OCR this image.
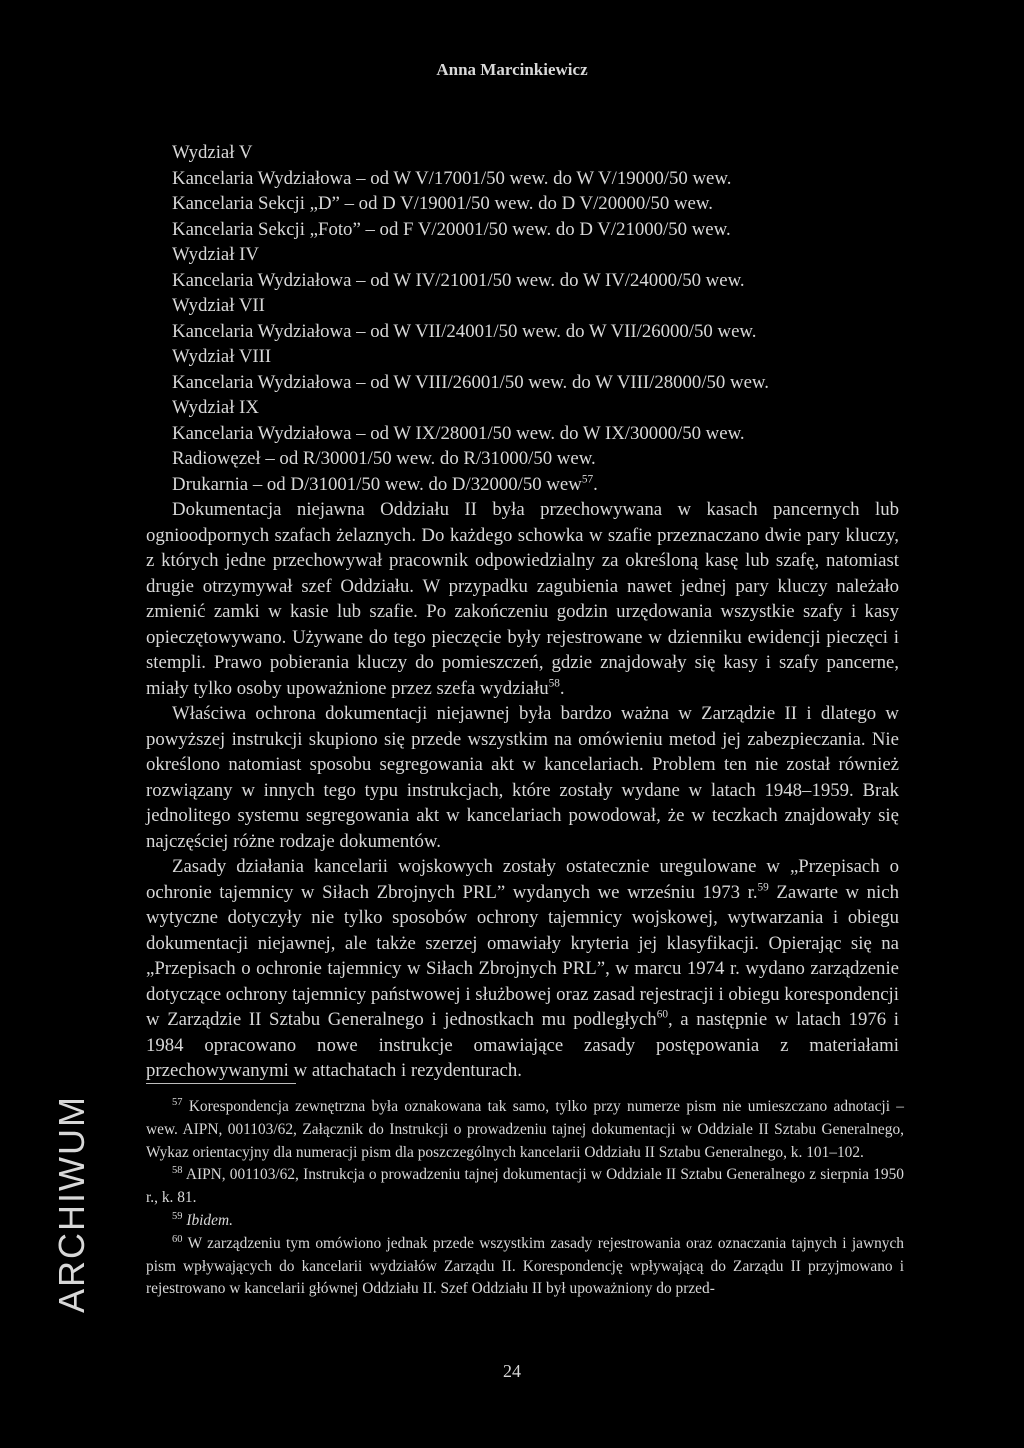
Anna Marcinkiewicz
Wydział V
Kancelaria Wydziałowa – od W V/17001/50 wew. do W V/19000/50 wew.
Kancelaria Sekcji „D” – od D V/19001/50 wew. do D V/20000/50 wew.
Kancelaria Sekcji „Foto” – od F V/20001/50 wew. do D V/21000/50 wew.
Wydział IV
Kancelaria Wydziałowa – od W IV/21001/50 wew. do W IV/24000/50 wew.
Wydział VII
Kancelaria Wydziałowa – od W VII/24001/50 wew. do W VII/26000/50 wew.
Wydział VIII
Kancelaria Wydziałowa – od W VIII/26001/50 wew. do W VIII/28000/50 wew.
Wydział IX
Kancelaria Wydziałowa – od W IX/28001/50 wew. do W IX/30000/50 wew.
Radiowęzeł – od R/30001/50 wew. do R/31000/50 wew.
Drukarnia – od D/31001/50 wew. do D/32000/50 wew$^{57}$.

Dokumentacja niejawna Oddziału II była przechowywana w kasach pancernych lub ognioodpornych szafach żelaznych. Do każdego schowka w szafie przeznaczano dwie pary kluczy, z których jedne przechowywał pracownik odpowiedzialny za określoną kasę lub szafę, natomiast drugie otrzymywał szef Oddziału. W przypadku zagubienia nawet jednej pary kluczy należało zmienić zamki w kasie lub szafie. Po zakończeniu godzin urzędowania wszystkie szafy i kasy opieczętowywano. Używane do tego pieczęcie były rejestrowane w dzienniku ewidencji pieczęci i stempli. Prawo pobierania kluczy do pomieszczeń, gdzie znajdowały się kasy i szafy pancerne, miały tylko osoby upoważnione przez szefa wydziału$^{58}$.

Właściwa ochrona dokumentacji niejawnej była bardzo ważna w Zarządzie II i dlatego w powyższej instrukcji skupiono się przede wszystkim na omówieniu metod jej zabezpieczania. Nie określono natomiast sposobu segregowania akt w kancelariach. Problem ten nie został również rozwiązany w innych tego typu instrukcjach, które zostały wydane w latach 1948–1959. Brak jednolitego systemu segregowania akt w kancelariach powodował, że w teczkach znajdowały się najczęściej różne rodzaje dokumentów.

Zasady działania kancelarii wojskowych zostały ostatecznie uregulowane w „Przepisach o ochronie tajemnicy w Siłach Zbrojnych PRL” wydanych we wrześniu 1973 r.$^{59}$ Zawarte w nich wytyczne dotyczyły nie tylko sposobów ochrony tajemnicy wojskowej, wytwarzania i obiegu dokumentacji niejawnej, ale także szerzej omawiały kryteria jej klasyfikacji. Opierając się na „Przepisach o ochronie tajemnicy w Siłach Zbrojnych PRL”, w marcu 1974 r. wydano zarządzenie dotyczące ochrony tajemnicy państwowej i służbowej oraz zasad rejestracji i obiegu korespondencji w Zarządzie II Sztabu Generalnego i jednostkach mu podległych$^{60}$, a następnie w latach 1976 i 1984 opracowano nowe instrukcje omawiające zasady postępowania z materiałami przechowywanymi w attachatach i rezydenturach.

$^{57}$ Korespondencja zewnętrzna była oznakowana tak samo, tylko przy numerze pism nie umieszczano adnotacji – wew. AIPN, 001103/62, Załącznik do Instrukcji o prowadzeniu tajnej dokumentacji w Oddziale II Sztabu Generalnego, Wykaz orientacyjny dla numeracji pism dla poszczególnych kancelarii Oddziału II Sztabu Generalnego, k. 101–102.

$^{58}$ AIPN, 001103/62, Instrukcja o prowadzeniu tajnej dokumentacji w Oddziale II Sztabu Generalnego z sierpnia 1950 r., k. 81.

$^{59}$ Ibidem.

$^{60}$ W zarządzeniu tym omówiono jednak przede wszystkim zasady rejestrowania oraz oznaczania tajnych i jawnych pism wpływających do kancelarii wydziałów Zarządu II. Korespondencję wpływającą do Zarządu II przyjmowano i rejestrowano w kancelarii głównej Oddziału II. Szef Oddziału II był upoważniony do przed-

ARCHIWUM
24
